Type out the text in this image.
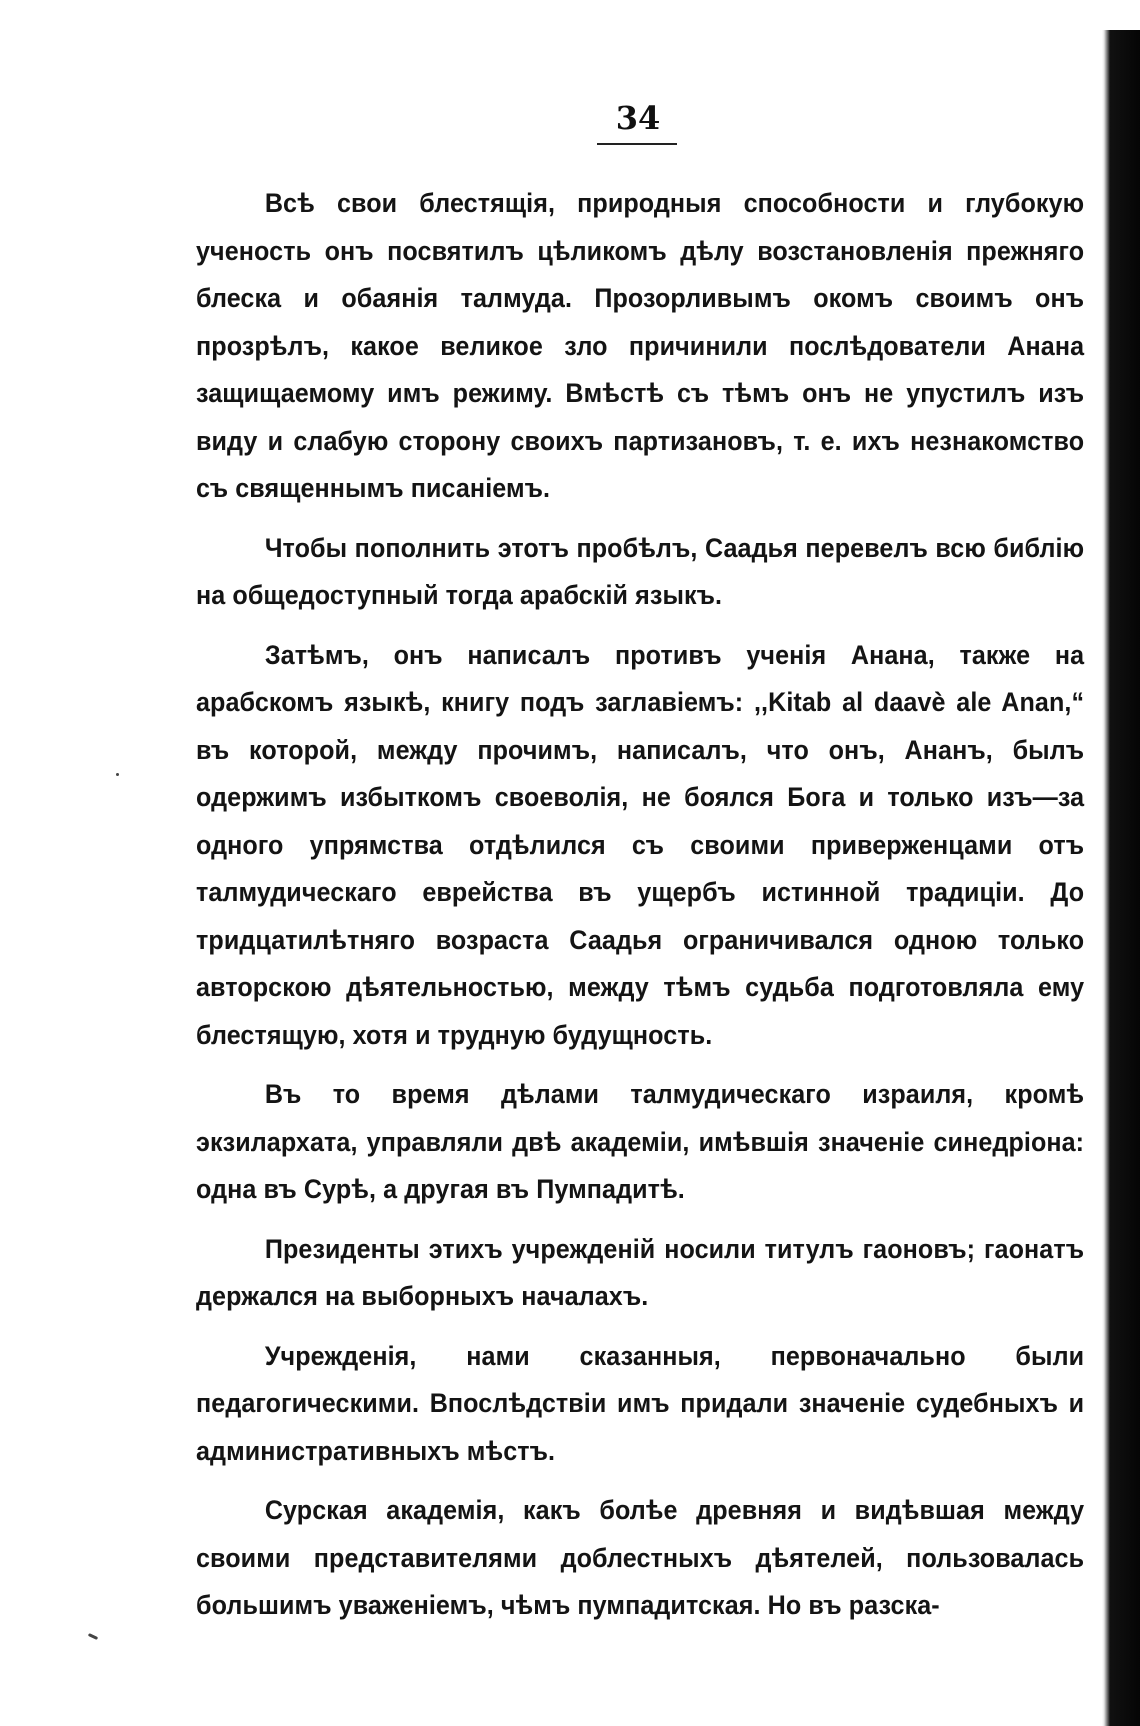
34

Всѣ свои блестящія, природныя способности и глубокую ученость онъ посвятилъ цѣликомъ дѣлу возстановленія прежняго блеска и обаянія талмуда. Прозорливымъ окомъ своимъ онъ прозрѣлъ, какое великое зло причинили послѣдователи Анана защищаемому имъ режиму. Вмѣстѣ съ тѣмъ онъ не упустилъ изъ виду и слабую сторону своихъ партизановъ, т. е. ихъ незнакомство съ священнымъ писаніемъ.

Чтобы пополнить этотъ пробѣлъ, Саадья перевелъ всю библію на общедоступный тогда арабскій языкъ.

Затѣмъ, онъ написалъ противъ ученія Анана, также на арабскомъ языкѣ, книгу подъ заглавіемъ: ,,Kitab al daavè ale Anan,“ въ которой, между прочимъ, написалъ, что онъ, Ананъ, былъ одержимъ избыткомъ своеволія, не боялся Бога и только изъ—за одного упрямства отдѣлился съ своими приверженцами отъ талмудическаго еврейства въ ущербъ истинной традиціи. До тридцатилѣтняго возраста Саадья ограничивался одною только авторскою дѣятельностью, между тѣмъ судьба подготовляла ему блестящую, хотя и трудную будущность.

Въ то время дѣлами талмудическаго израиля, кромѣ экзилархата, управляли двѣ академіи, имѣвшія значеніе синедріона: одна въ Сурѣ, а другая въ Пумпадитѣ.

Президенты этихъ учрежденій носили титулъ гаоновъ; гаонатъ держался на выборныхъ началахъ.

Учрежденія, нами сказанныя, первоначально были педагогическими. Впослѣдствіи имъ придали значеніе судебныхъ и административныхъ мѣстъ.

Сурская академія, какъ болѣе древняя и видѣвшая между своими представителями доблестныхъ дѣятелей, пользовалась большимъ уваженіемъ, чѣмъ пумпадитская. Но въ разска-
